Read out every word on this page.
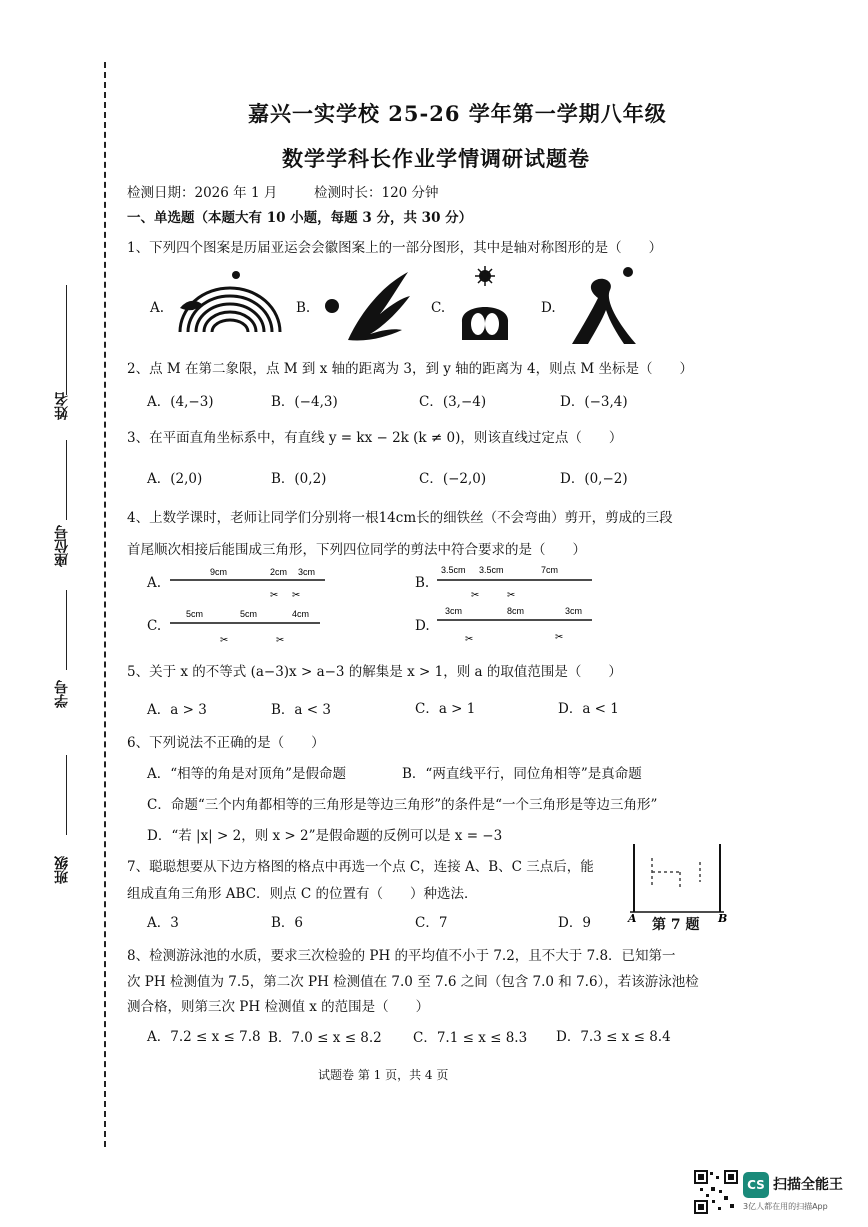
姓名
座位号
学号
班级
嘉兴一实学校 25-26 学年第一学期八年级
数学学科长作业学情调研试题卷
检测日期：2026 年 1 月	检测时长：120 分钟
一、单选题（本题大有 10 小题，每题 3 分，共 30 分）
1、下列四个图案是历届亚运会会徽图案上的一部分图形，其中是轴对称图形的是（　　）
A.	B.	C.	D.
2、点 M 在第二象限，点 M 到 x 轴的距离为 3，到 y 轴的距离为 4，则点 M 坐标是（　　）
A．(4,−3)	B．(−4,3)	C．(3,−4)	D．(−3,4)
3、在平面直角坐标系中，有直线 y = kx − 2k (k ≠ 0)，则该直线过定点（　　）
A．(2,0)	B．(0,2)	C．(−2,0)	D．(0,−2)
4、上数学课时，老师让同学们分别将一根14cm长的细铁丝（不会弯曲）剪开，剪成的三段
首尾顺次相接后能围成三角形，下列四位同学的剪法中符合要求的是（　　）
A.
9cm	2cm 3cm
✂ ✂
B.
3.5cm 3.5cm	7cm
✂	✂
C.
5cm	5cm	4cm
✂	✂
D.
3cm	8cm	3cm
✂	✂
5、关于 x 的不等式 (a−3)x > a−3 的解集是 x > 1，则 a 的取值范围是（　　）
A．a > 3	B．a < 3	C．a > 1	D．a < 1
6、下列说法不正确的是（　　）
A．“相等的角是对顶角”是假命题	B．“两直线平行，同位角相等”是真命题
C．命题“三个内角都相等的三角形是等边三角形”的条件是“一个三角形是等边三角形”
D．“若 |x| > 2，则 x > 2”是假命题的反例可以是 x = −3
7、聪聪想要从下边方格图的格点中再选一个点 C，连接 A、B、C 三点后，能
组成直角三角形 ABC．则点 C 的位置有（　　）种选法．
A．3	B．6	C．7	D．9	A	B
第 7 题
8、检测游泳池的水质，要求三次检验的 PH 的平均值不小于 7.2，且不大于 7.8．已知第一
次 PH 检测值为 7.5，第二次 PH 检测值在 7.0 至 7.6 之间（包含 7.0 和 7.6），若该游泳池检
测合格，则第三次 PH 检测值 x 的范围是（　　）
A．7.2 ≤ x ≤ 7.8 B．7.0 ≤ x ≤ 8.2 C．7.1 ≤ x ≤ 8.3 D．7.3 ≤ x ≤ 8.4
试题卷 第 1 页，共 4 页
CS 扫描全能王
3亿人都在用的扫描App
